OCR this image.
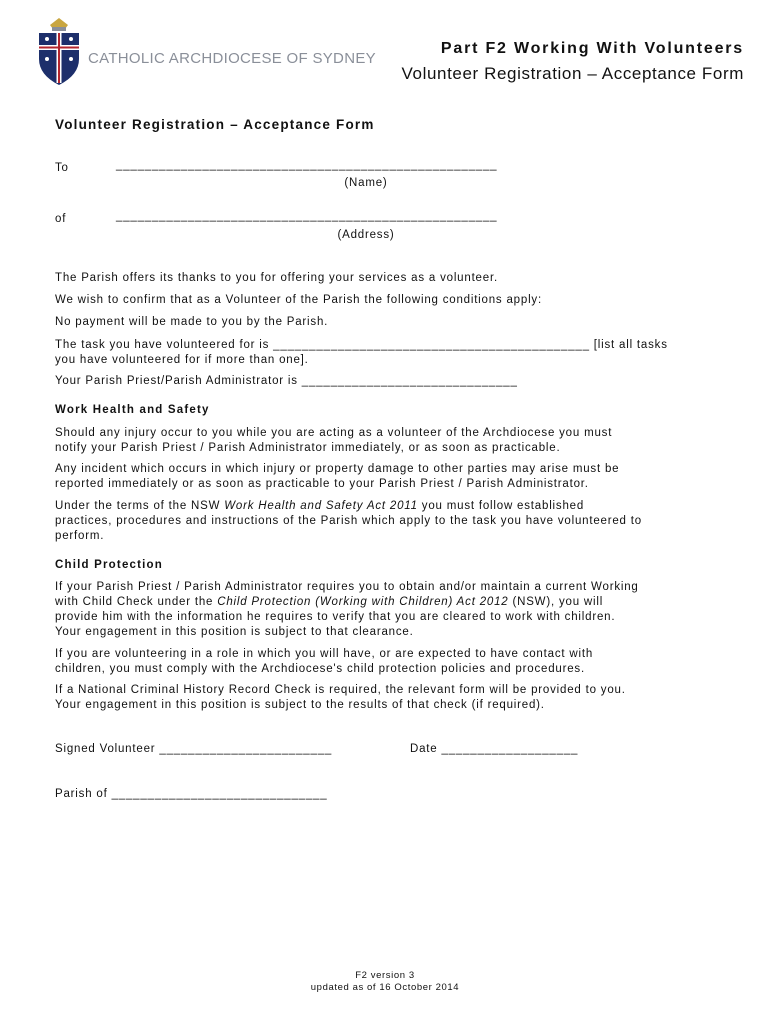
CATHOLIC ARCHDIOCESE OF SYDNEY
Part F2 Working With Volunteers
Volunteer Registration – Acceptance Form
Volunteer Registration – Acceptance Form
To	_____________________________________________________
(Name)
of	_____________________________________________________
(Address)
The Parish offers its thanks to you for offering your services as a volunteer.
We wish to confirm that as a Volunteer of the Parish the following conditions apply:
No payment will be made to you by the Parish.
The task you have volunteered for is ____________________________________________ [list all tasks
you have volunteered for if more than one].
Your Parish Priest/Parish Administrator is ______________________________
Work Health and Safety
Should any injury occur to you while you are acting as a volunteer of the Archdiocese you must
notify your Parish Priest / Parish Administrator immediately, or as soon as practicable.
Any incident which occurs in which injury or property damage to other parties may arise must be
reported immediately or as soon as practicable to your Parish Priest / Parish Administrator.
Under the terms of the NSW Work Health and Safety Act 2011 you must follow established
practices, procedures and instructions of the Parish which apply to the task you have volunteered to
perform.
Child Protection
If your Parish Priest / Parish Administrator requires you to obtain and/or maintain a current Working
with Child Check under the Child Protection (Working with Children) Act 2012 (NSW), you will
provide him with the information he requires to verify that you are cleared to work with children.
Your engagement in this position is subject to that clearance.
If you are volunteering in a role in which you will have, or are expected to have contact with
children, you must comply with the Archdiocese's child protection policies and procedures.
If a National Criminal History Record Check is required, the relevant form will be provided to you.
Your engagement in this position is subject to the results of that check (if required).
Signed Volunteer ________________________	Date ___________________
Parish of ______________________________
F2 version 3
updated as of 16 October 2014
